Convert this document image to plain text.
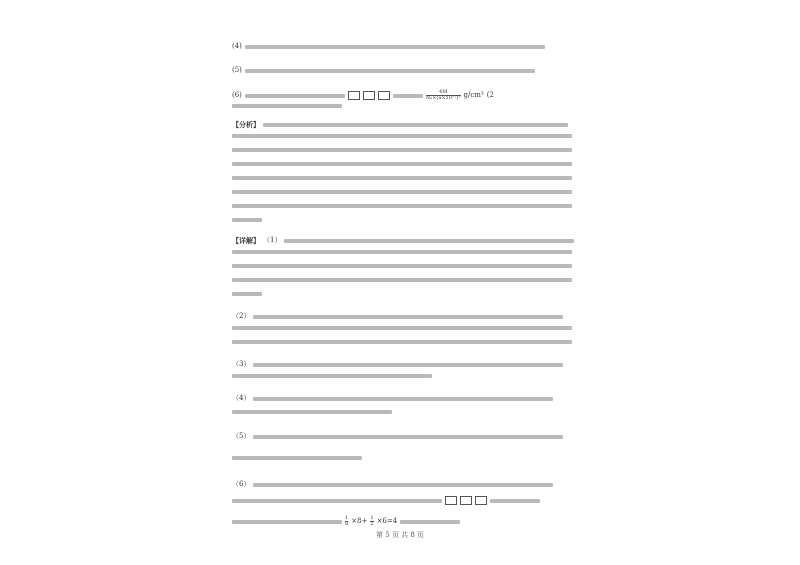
(4)
(5)
(6)	$\frac{4M}{\text{Nₐ×(a×10⁻⁷)³}} g/cm^3$ (2
【分析】
【详解】 （1）
（2）
（3）
（4）
（5）
（6）
$\frac{1}{8} \times 8+ \frac{1}{2} \times 6=4$
第 5 页 共 8 页
